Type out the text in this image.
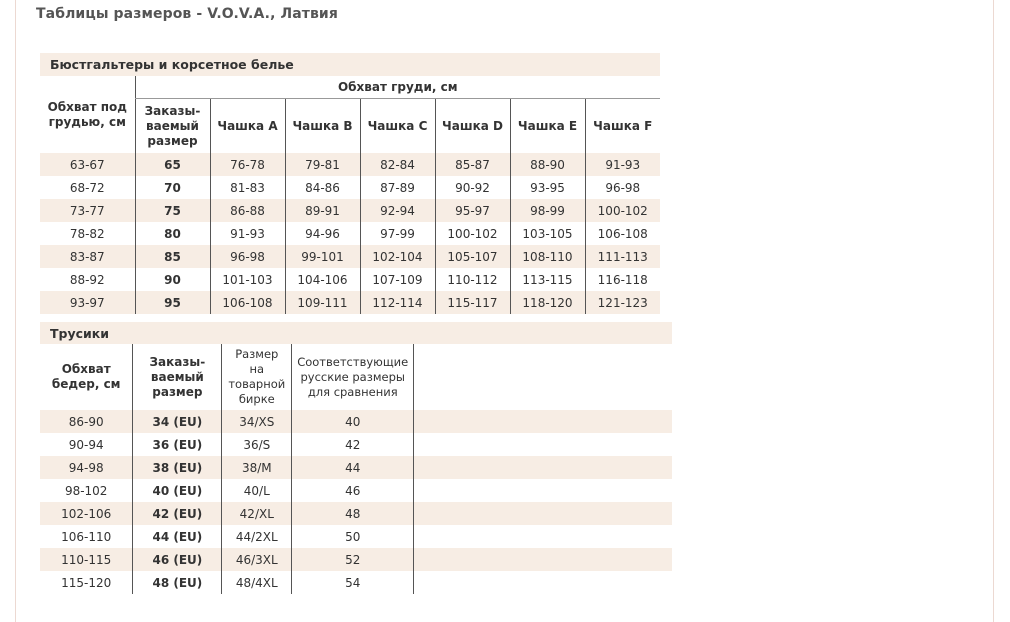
Таблицы размеров - V.O.V.A., Латвия
Бюстгальтеры и корсетное белье							
Обхват под грудью, см	Обхват груди, см						
	Заказы-ваемый размер	Чашка A	Чашка B	Чашка C	Чашка D	Чашка E	Чашка F
63-67	65	76-78	79-81	82-84	85-87	88-90	91-93
68-72	70	81-83	84-86	87-89	90-92	93-95	96-98
73-77	75	86-88	89-91	92-94	95-97	98-99	100-102
78-82	80	91-93	94-96	97-99	100-102	103-105	106-108
83-87	85	96-98	99-101	102-104	105-107	108-110	111-113
88-92	90	101-103	104-106	107-109	110-112	113-115	116-118
93-97	95	106-108	109-111	112-114	115-117	118-120	121-123
Трусики				
Обхват бедер, см	Заказы-ваемый размер	Размер на товарной бирке	Соответствующие русские размеры для сравнения	
86-90	34 (EU)	34/XS	40	
90-94	36 (EU)	36/S	42	
94-98	38 (EU)	38/M	44	
98-102	40 (EU)	40/L	46	
102-106	42 (EU)	42/XL	48	
106-110	44 (EU)	44/2XL	50	
110-115	46 (EU)	46/3XL	52	
115-120	48 (EU)	48/4XL	54	
